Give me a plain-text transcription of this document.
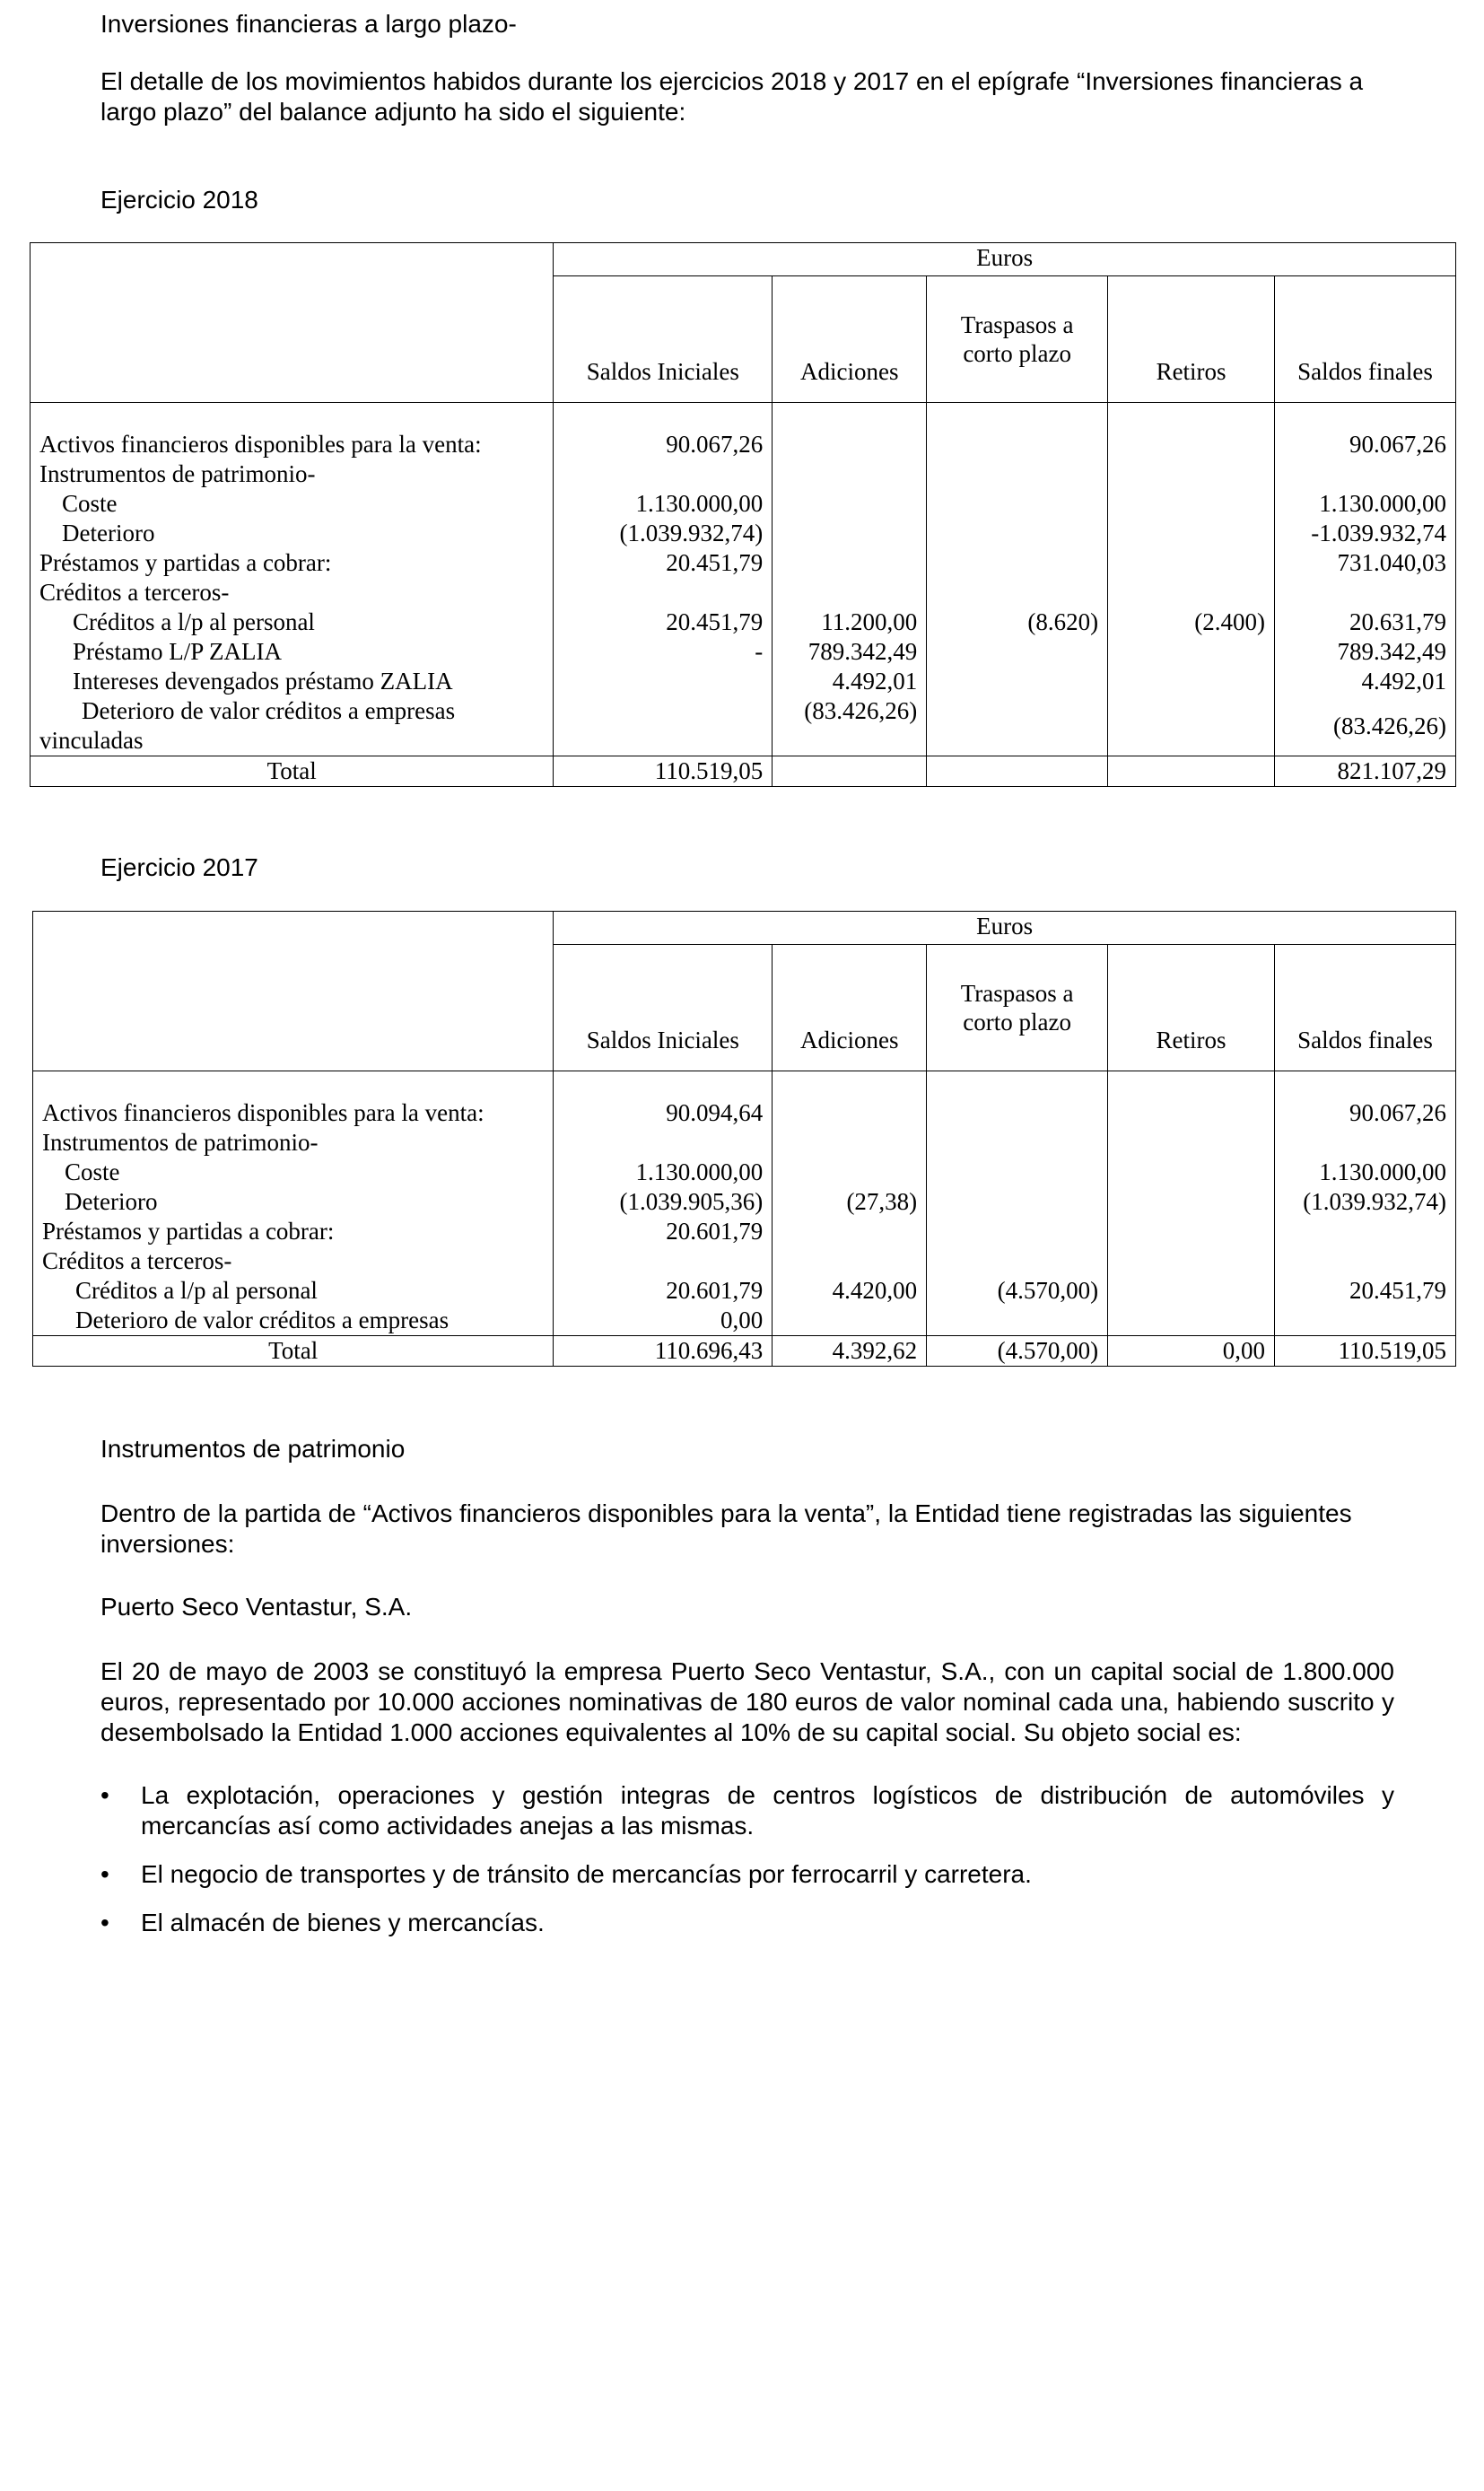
Inversiones financieras a largo plazo-

El detalle de los movimientos habidos durante los ejercicios 2018 y 2017 en el epígrafe “Inversiones financieras a largo plazo” del balance adjunto ha sido el siguiente:

Ejercicio 2018

	Euros				
	Saldos Iniciales	Adiciones	Traspasos a corto plazo	Retiros	Saldos finales

Activos financieros disponibles para la venta:	90.067,26				90.067,26
Instrumentos de patrimonio-					
Coste	1.130.000,00				1.130.000,00
Deterioro	(1.039.932,74)				-1.039.932,74
Préstamos y partidas a cobrar:	20.451,79				731.040,03
Créditos a terceros-					
Créditos a l/p al personal	20.451,79	11.200,00	(8.620)	(2.400)	20.631,79
Préstamo L/P ZALIA	-	789.342,49			789.342,49
Intereses devengados préstamo ZALIA		4.492,01			4.492,01

Deterioro de valor créditos a empresas
vinculadas		(83.426,26)			(83.426,26)
Total	110.519,05				821.107,29

Ejercicio 2017

	Euros				
	Saldos Iniciales	Adiciones	Traspasos a corto plazo	Retiros	Saldos finales

Activos financieros disponibles para la venta:	90.094,64				90.067,26
Instrumentos de patrimonio-					
Coste	1.130.000,00				1.130.000,00
Deterioro	(1.039.905,36)	(27,38)			(1.039.932,74)
Préstamos y partidas a cobrar:	20.601,79				
Créditos a terceros-					
Créditos a l/p al personal	20.601,79	4.420,00	(4.570,00)		20.451,79
Deterioro de valor créditos a empresas	0,00				
Total	110.696,43	4.392,62	(4.570,00)	0,00	110.519,05

Instrumentos de patrimonio

Dentro de la partida de “Activos financieros disponibles para la venta”, la Entidad tiene registradas las siguientes inversiones:

Puerto Seco Ventastur, S.A.

El 20 de mayo de 2003 se constituyó la empresa Puerto Seco Ventastur, S.A., con un capital social de 1.800.000 euros, representado por 10.000 acciones nominativas de 180 euros de valor nominal cada una, habiendo suscrito y desembolsado la Entidad 1.000 acciones equivalentes al 10% de su capital social. Su objeto social es:

• La explotación, operaciones y gestión integras de centros logísticos de distribución de automóviles y mercancías así como actividades anejas a las mismas.
• El negocio de transportes y de tránsito de mercancías por ferrocarril y carretera.
• El almacén de bienes y mercancías.
